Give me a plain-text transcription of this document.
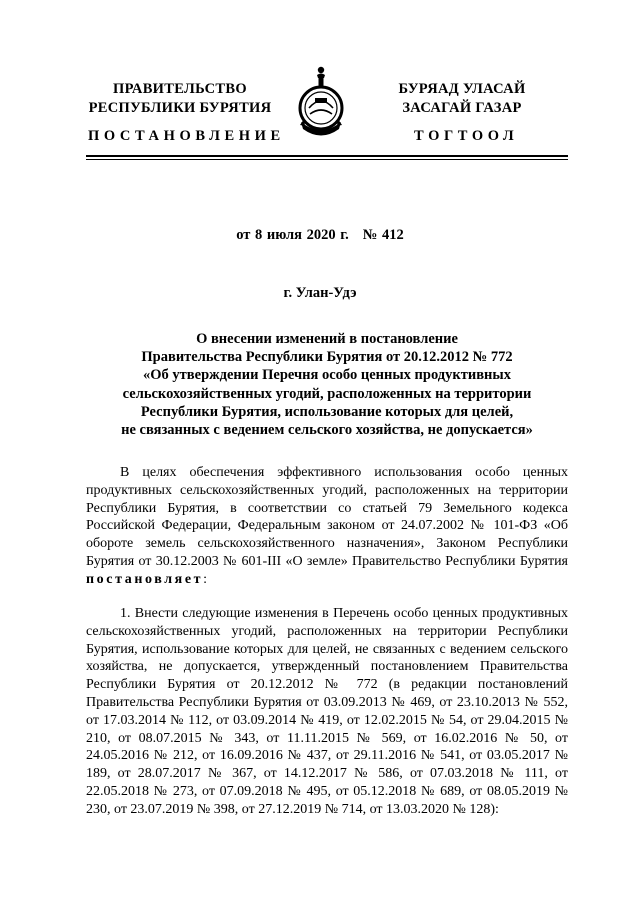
ПРАВИТЕЛЬСТВО
РЕСПУБЛИКИ БУРЯТИЯ
БУРЯАД УЛАСАЙ
ЗАСАГАЙ ГАЗАР
ПОСТАНОВЛЕНИЕ	ТОГТООЛ
от 8 июля 2020 г. № 412
г. Улан-Удэ
О внесении изменений в постановление
Правительства Республики Бурятия от 20.12.2012 № 772
«Об утверждении Перечня особо ценных продуктивных
сельскохозяйственных угодий, расположенных на территории
Республики Бурятия, использование которых для целей,
не связанных с ведением сельского хозяйства, не допускается»

В целях обеспечения эффективного использования особо ценных продуктивных сельскохозяйственных угодий, расположенных на территории Республики Бурятия, в соответствии со статьей 79 Земельного кодекса Российской Федерации, Федеральным законом от 24.07.2002 № 101-ФЗ «Об обороте земель сельскохозяйственного назначения», Законом Республики Бурятия от 30.12.2003 № 601-III «О земле» Правительство Республики Бурятия постановляет:

1. Внести следующие изменения в Перечень особо ценных продуктивных сельскохозяйственных угодий, расположенных на территории Республики Бурятия, использование которых для целей, не связанных с ведением сельского хозяйства, не допускается, утвержденный постановлением Правительства Республики Бурятия от 20.12.2012 № 772 (в редакции постановлений Правительства Республики Бурятия от 03.09.2013 № 469, от 23.10.2013 № 552, от 17.03.2014 № 112, от 03.09.2014 № 419, от 12.02.2015 № 54, от 29.04.2015 № 210, от 08.07.2015 № 343, от 11.11.2015 № 569, от 16.02.2016 № 50, от 24.05.2016 № 212, от 16.09.2016 № 437, от 29.11.2016 № 541, от 03.05.2017 № 189, от 28.07.2017 № 367, от 14.12.2017 № 586, от 07.03.2018 № 111, от 22.05.2018 № 273, от 07.09.2018 № 495, от 05.12.2018 № 689, от 08.05.2019 № 230, от 23.07.2019 № 398, от 27.12.2019 № 714, от 13.03.2020 № 128):
